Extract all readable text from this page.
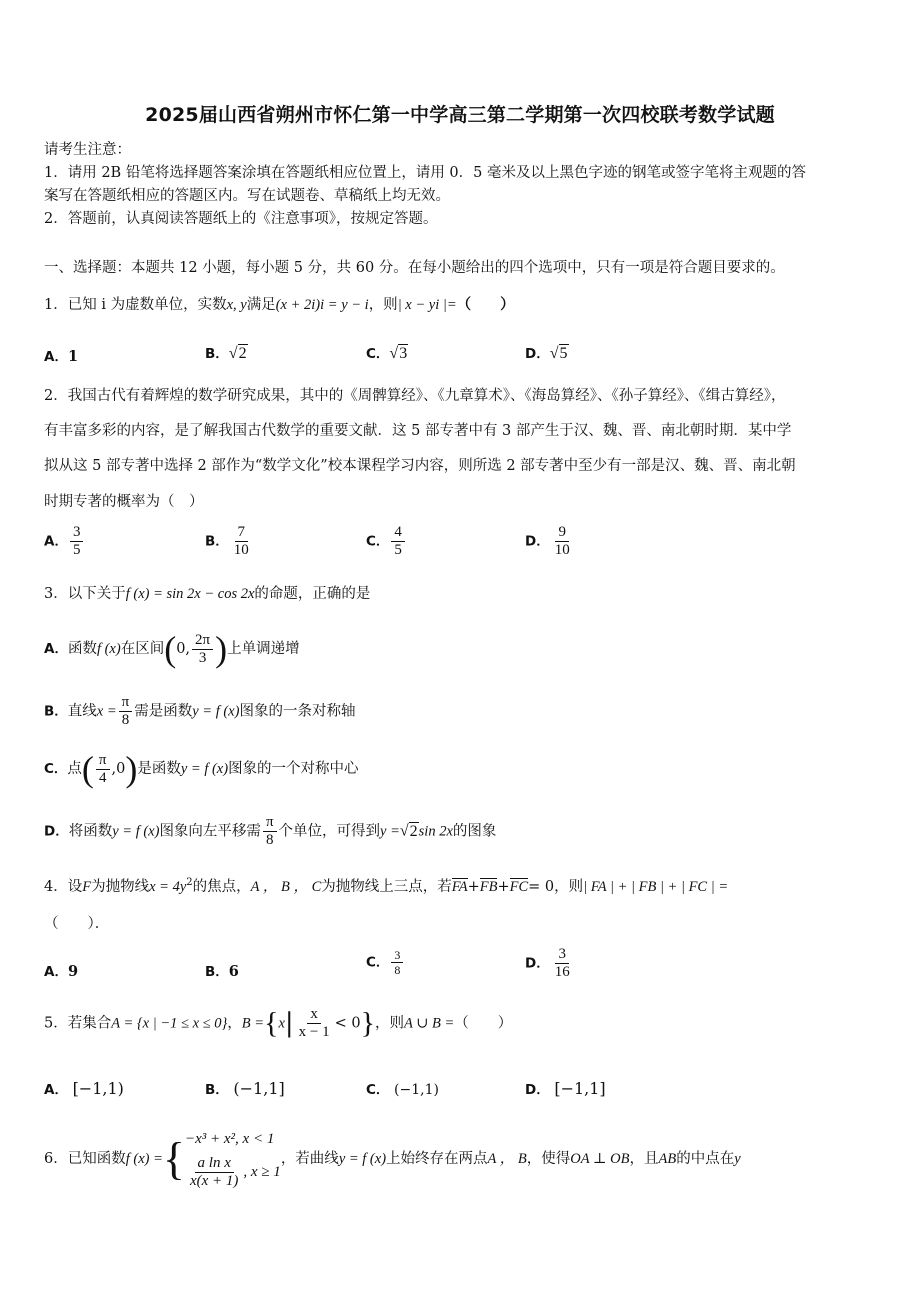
2025届山西省朔州市怀仁第一中学高三第二学期第一次四校联考数学试题
请考生注意：
1．请用 2B 铅笔将选择题答案涂填在答题纸相应位置上，请用 0．5 毫米及以上黑色字迹的钢笔或签字笔将主观题的答
案写在答题纸相应的答题区内。写在试题卷、草稿纸上均无效。
2．答题前，认真阅读答题纸上的《注意事项》，按规定答题。
一、选择题：本题共 12 小题，每小题 5 分，共 60 分。在每小题给出的四个选项中，只有一项是符合题目要求的。
1．已知 i 为虚数单位，实数x, y满足(x + 2i)i = y − i，则| x − yi |=（　　）
A．1	B．√2	C．√3	D．√5
2．我国古代有着辉煌的数学研究成果，其中的《周髀算经》、《九章算术》、《海岛算经》、《孙子算经》、《缉古算经》，
有丰富多彩的内容，是了解我国古代数学的重要文献．这 5 部专著中有 3 部产生于汉、魏、晋、南北朝时期．某中学
拟从这 5 部专著中选择 2 部作为“数学文化”校本课程学习内容，则所选 2 部专著中至少有一部是汉、魏、晋、南北朝
时期专著的概率为（　）
A． $\frac{3}{5}$	B． $\frac{7}{10}$	C． $\frac{4}{5}$	D． $\frac{9}{10}$
3．以下关于f (x) = sin 2x − cos 2x的命题，正确的是
A．函数f (x)在区间(0, $\frac{2\pi}{3}$ )上单调递增
B．直线$x = \frac{\pi}{8}$ 需是函数y = f (x)图象的一条对称轴
C．点( $\frac{\pi}{4} ,0$)是函数y = f (x)图象的一个对称中心
D．将函数y = f (x)图象向左平移需 $\frac{\pi}{8}$ 个单位，可得到y =√2sin 2x的图象
4．设F为抛物线$x = 4y^2$的焦点，A ， B ， C为抛物线上三点，若FA+FB+FC= 0，则| FA | + | FB | + | FC | =
（　　）．
A．9	B．6
C． $\frac{3}{8}$	D． $\frac{3}{16}$
5．若集合A = {x | −1 ≤ x ≤ 0}，$B =\{x| \frac{x}{x - 1} < 0\}$，则A ∪ B =（　　）
A． [−1,1)	B． (−1,1]	C． (−1,1)	D． [−1,1]
6．已知函数f (x) ={ −x³ + x², x < 1
$\frac{\text{a ln x}}{x(x + 1)}$ , x ≥ 1
，若曲线y = f (x)上始终存在两点A ， B，使得OA ⊥ OB，且AB的中点在y
